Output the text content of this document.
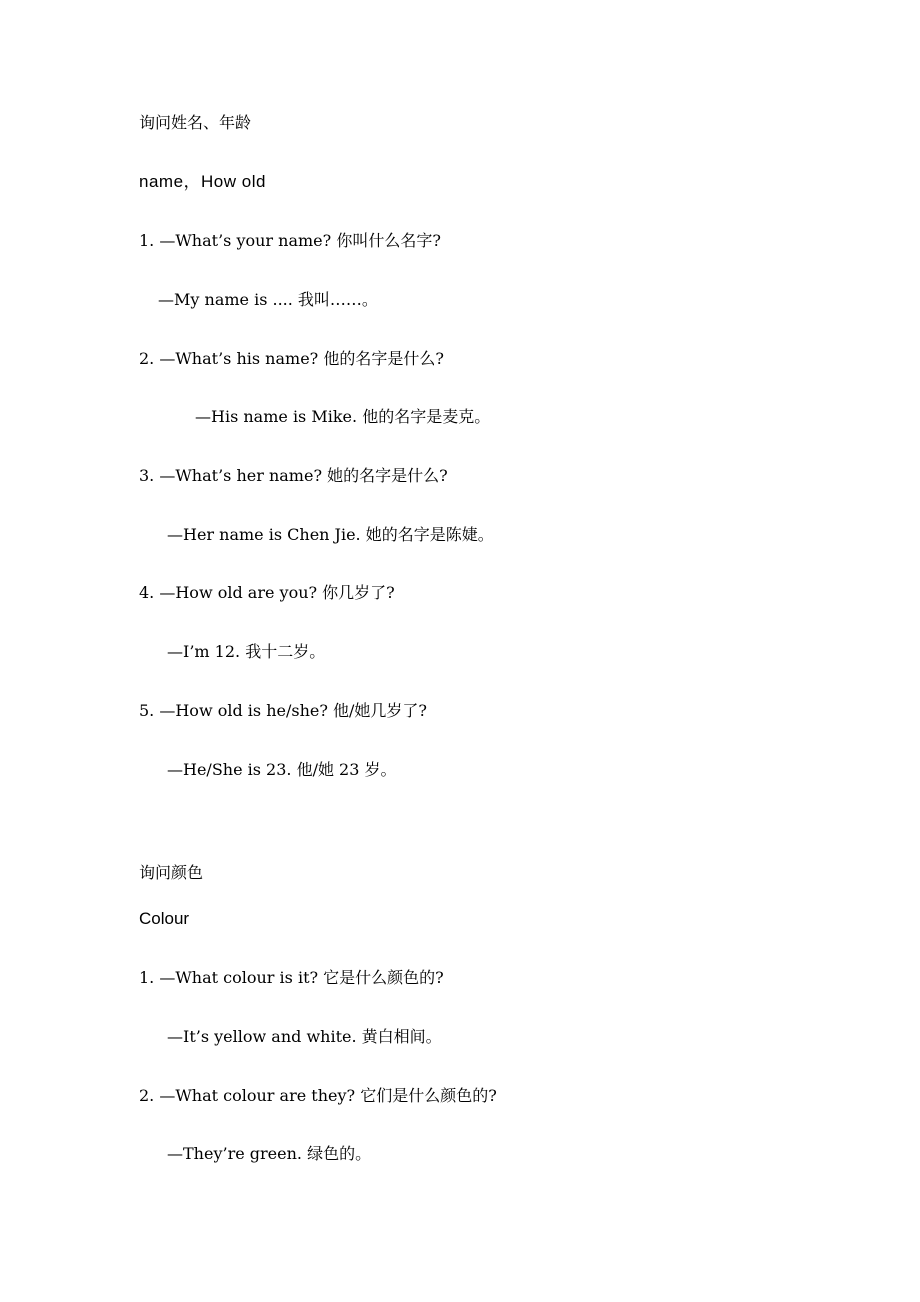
询问姓名、年龄
name，How old
1. —What’s your name? 你叫什么名字?
—My name is .... 我叫……。
2. —What’s his name? 他的名字是什么?
—His name is Mike. 他的名字是麦克。
3. —What’s her name? 她的名字是什么?
—Her name is Chen Jie. 她的名字是陈婕。
4. —How old are you? 你几岁了?
—I’m 12. 我十二岁。
5. —How old is he/she? 他/她几岁了?
—He/She is 23. 他/她 23 岁。
询问颜色
Colour
1. —What colour is it? 它是什么颜色的?
—It’s yellow and white. 黄白相间。
2. —What colour are they? 它们是什么颜色的?
—They’re green. 绿色的。
